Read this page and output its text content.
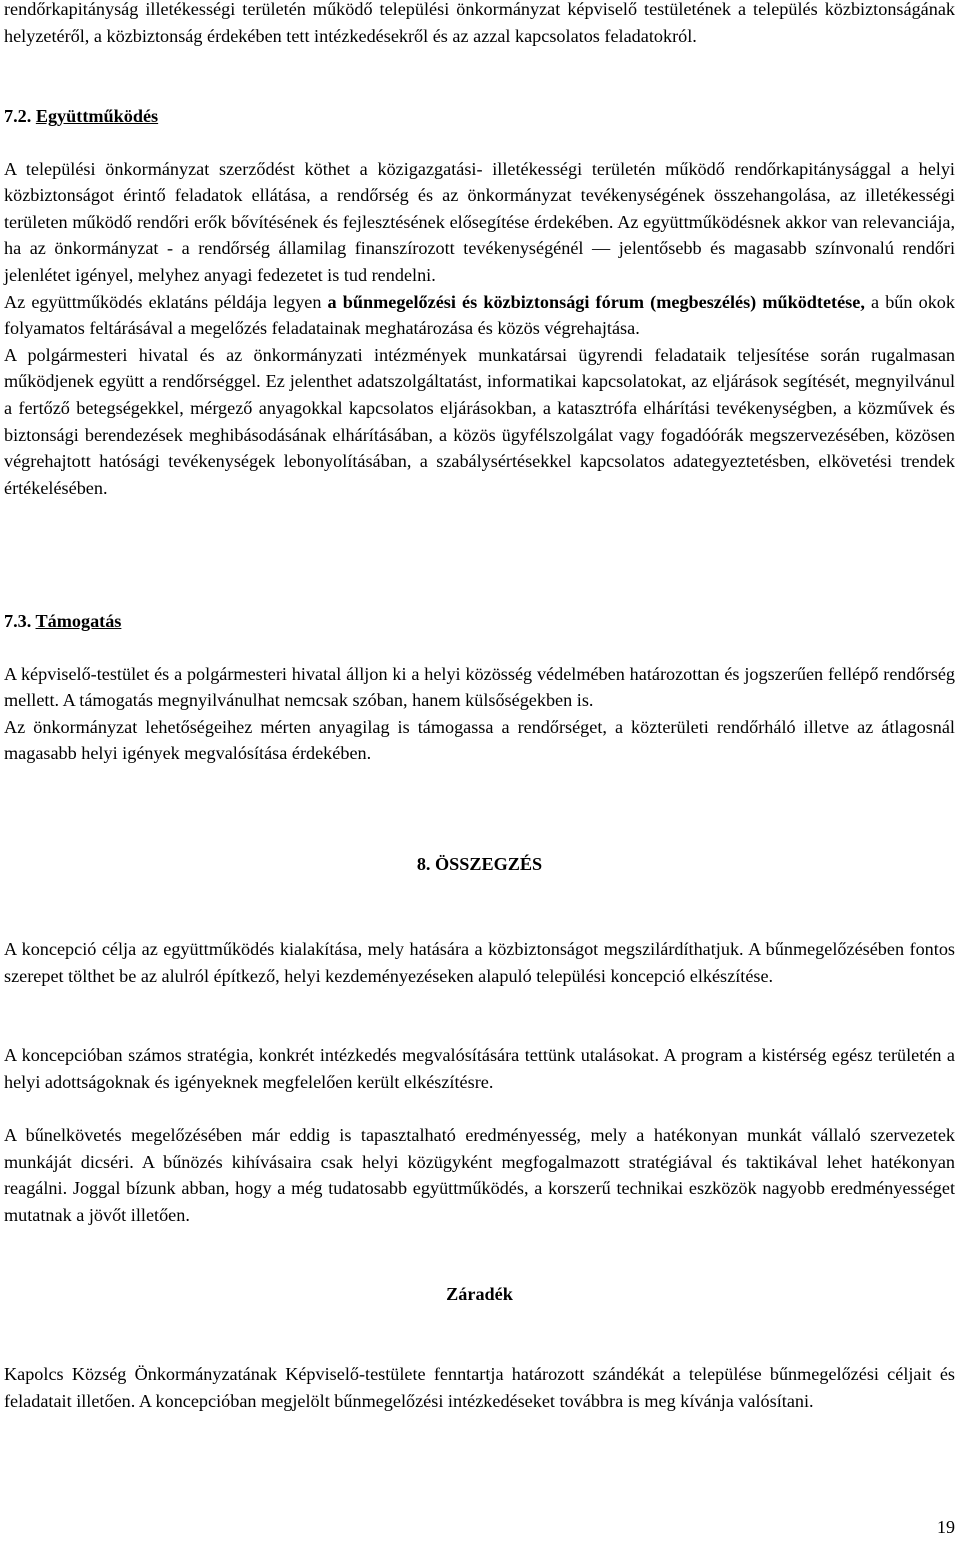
rendőrkapitányság illetékességi területén működő települési önkormányzat képviselő testületének a település közbiztonságának helyzetéről, a közbiztonság érdekében tett intézkedésekről és az azzal kapcsolatos feladatokról.

7.2. Együttműködés

A települési önkormányzat szerződést köthet a közigazgatási- illetékességi területén működő rendőrkapitánysággal a helyi közbiztonságot érintő feladatok ellátása, a rendőrség és az önkormányzat tevékenységének összehangolása, az illetékességi területen működő rendőri erők bővítésének és fejlesztésének elősegítése érdekében. Az együttműködésnek akkor van relevanciája, ha az önkormányzat - a rendőrség államilag finanszírozott tevékenységénél — jelentősebb és magasabb színvonalú rendőri jelenlétet igényel, melyhez anyagi fedezetet is tud rendelni.

Az együttműködés eklatáns példája legyen a bűnmegelőzési és közbiztonsági fórum (megbeszélés) működtetése, a bűn okok folyamatos feltárásával a megelőzés feladatainak meghatározása és közös végrehajtása.

A polgármesteri hivatal és az önkormányzati intézmények munkatársai ügyrendi feladataik teljesítése során rugalmasan működjenek együtt a rendőrséggel. Ez jelenthet adatszolgáltatást, informatikai kapcsolatokat, az eljárások segítését, megnyilvánul a fertőző betegségekkel, mérgező anyagokkal kapcsolatos eljárásokban, a katasztrófa elhárítási tevékenységben, a közművek és biztonsági berendezések meghibásodásának elhárításában, a közös ügyfélszolgálat vagy fogadóórák megszervezésében, közösen végrehajtott hatósági tevékenységek lebonyolításában, a szabálysértésekkel kapcsolatos adategyeztetésben, elkövetési trendek értékelésében.

7.3. Támogatás

A képviselő-testület és a polgármesteri hivatal álljon ki a helyi közösség védelmében határozottan és jogszerűen fellépő rendőrség mellett. A támogatás megnyilvánulhat nemcsak szóban, hanem külsőségekben is.

Az önkormányzat lehetőségeihez mérten anyagilag is támogassa a rendőrséget, a közterületi rendőrháló illetve az átlagosnál magasabb helyi igények megvalósítása érdekében.

8. ÖSSZEGZÉS

A koncepció célja az együttműködés kialakítása, mely hatására a közbiztonságot megszilárdíthatjuk. A bűnmegelőzésében fontos szerepet tölthet be az alulról építkező, helyi kezdeményezéseken alapuló települési koncepció elkészítése.

A koncepcióban számos stratégia, konkrét intézkedés megvalósítására tettünk utalásokat. A program a kistérség egész területén a helyi adottságoknak és igényeknek megfelelően került elkészítésre.

A bűnelkövetés megelőzésében már eddig is tapasztalható eredményesség, mely a hatékonyan munkát vállaló szervezetek munkáját dicséri. A bűnözés kihívásaira csak helyi közügyként megfogalmazott stratégiával és taktikával lehet hatékonyan reagálni. Joggal bízunk abban, hogy a még tudatosabb együttműködés, a korszerű technikai eszközök nagyobb eredményességet mutatnak a jövőt illetően.

Záradék

Kapolcs Község Önkormányzatának Képviselő-testülete fenntartja határozott szándékát a települése bűnmegelőzési céljait és feladatait illetően. A koncepcióban megjelölt bűnmegelőzési intézkedéseket továbbra is meg kívánja valósítani.

19
